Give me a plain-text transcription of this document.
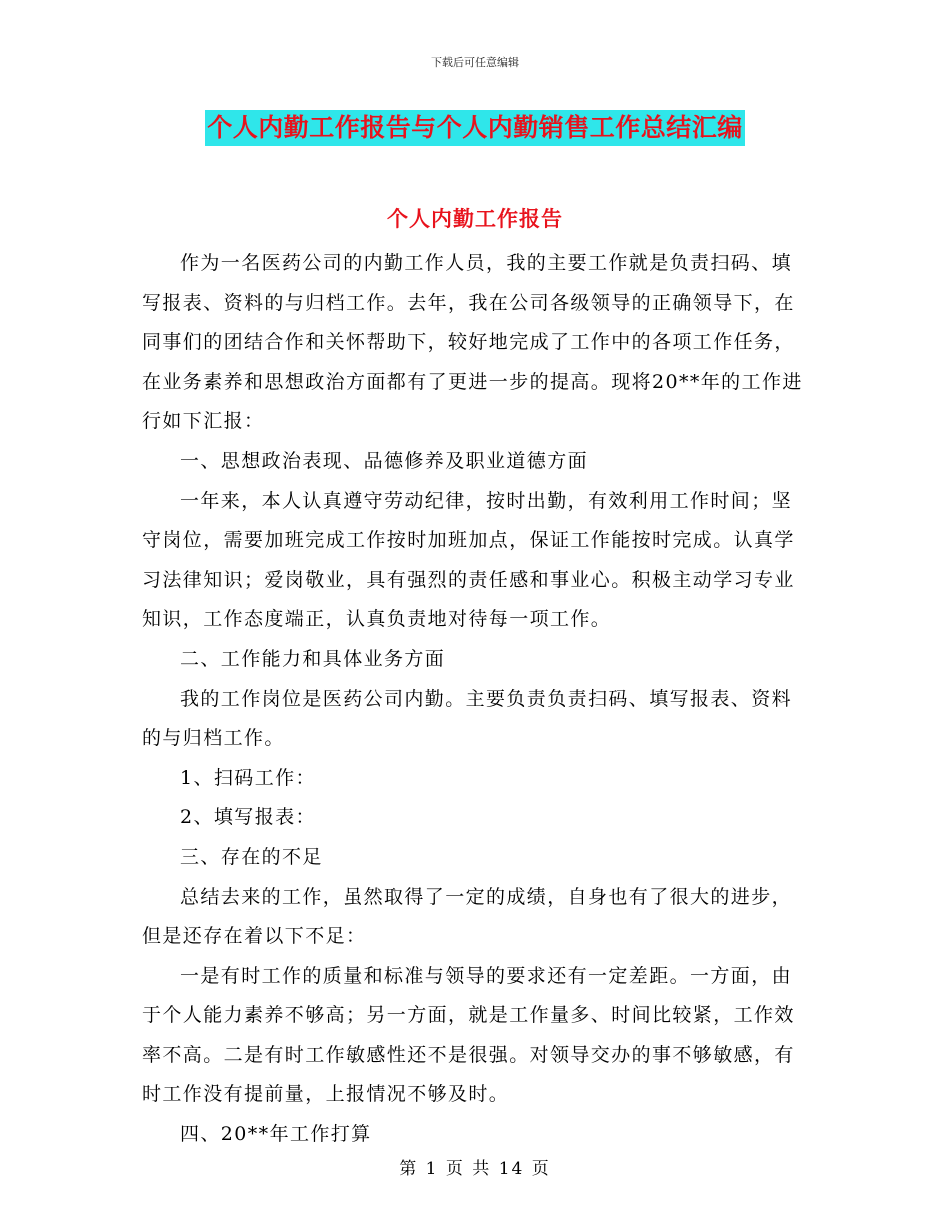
下载后可任意编辑
个人内勤工作报告与个人内勤销售工作总结汇编
个人内勤工作报告

作为一名医药公司的内勤工作人员，我的主要工作就是负责扫码、填写报表、资料的与归档工作。去年，我在公司各级领导的正确领导下，在同事们的团结合作和关怀帮助下，较好地完成了工作中的各项工作任务，在业务素养和思想政治方面都有了更进一步的提高。现将20**年的工作进行如下汇报：

一、思想政治表现、品德修养及职业道德方面

一年来，本人认真遵守劳动纪律，按时出勤，有效利用工作时间；坚守岗位，需要加班完成工作按时加班加点，保证工作能按时完成。认真学习法律知识；爱岗敬业，具有强烈的责任感和事业心。积极主动学习专业知识，工作态度端正，认真负责地对待每一项工作。

二、工作能力和具体业务方面

我的工作岗位是医药公司内勤。主要负责负责扫码、填写报表、资料的与归档工作。

1、扫码工作：

2、填写报表：

三、存在的不足

总结去来的工作，虽然取得了一定的成绩，自身也有了很大的进步，但是还存在着以下不足：

一是有时工作的质量和标准与领导的要求还有一定差距。一方面，由于个人能力素养不够高；另一方面，就是工作量多、时间比较紧，工作效率不高。二是有时工作敏感性还不是很强。对领导交办的事不够敏感，有时工作没有提前量，上报情况不够及时。

四、20**年工作打算

第 1 页 共 14 页
